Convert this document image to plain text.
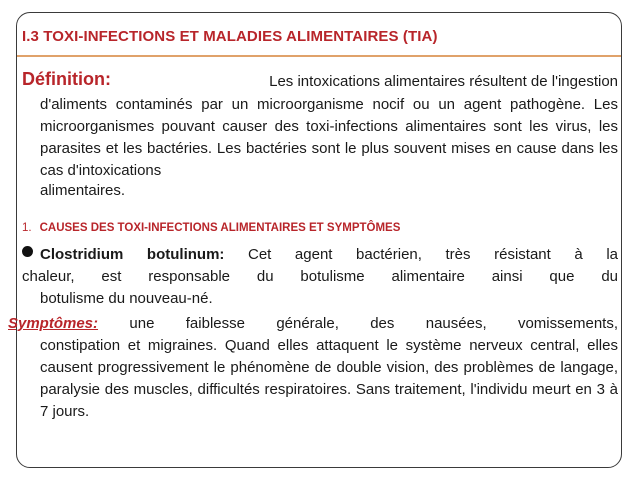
I.3 TOXI-INFECTIONS ET MALADIES ALIMENTAIRES (TIA)
Définition:	Les intoxications alimentaires résultent de l'ingestion
d'aliments contaminés par un microorganisme nocif ou un agent pathogène. Les microorganismes pouvant causer des toxi-infections alimentaires sont les virus, les parasites et les bactéries. Les bactéries sont le plus souvent mises en cause dans les cas d'intoxications
alimentaires.
1. CAUSES DES TOXI-INFECTIONS ALIMENTAIRES ET SYMPTÔMES
Clostridium botulinum: Cet agent bactérien, très résistant à la
chaleur, est responsable du botulisme alimentaire ainsi que du
botulisme du nouveau-né.
Symptômes: une faiblesse générale, des nausées, vomissements,
constipation et migraines. Quand elles attaquent le système nerveux central, elles causent progressivement le phénomène de double vision, des problèmes de langage, paralysie des muscles, difficultés respiratoires. Sans traitement, l'individu meurt en 3 à 7 jours.
